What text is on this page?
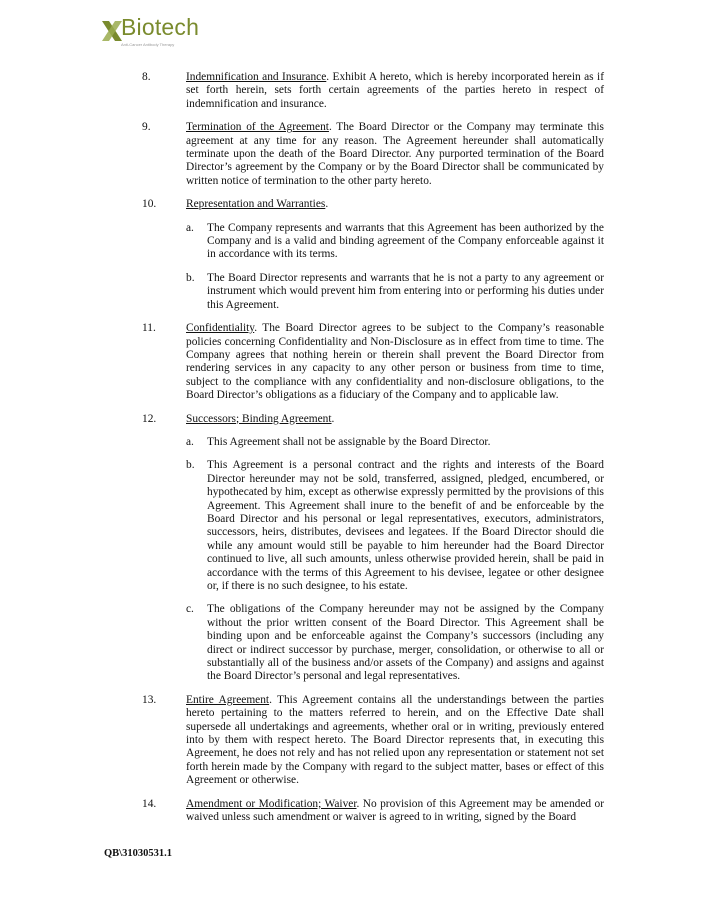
Biotech
Anti-Cancer Antibody Therapy
8.	Indemnification and Insurance. Exhibit A hereto, which is hereby incorporated herein as if set forth herein, sets forth certain agreements of the parties hereto in respect of indemnification and insurance.

9.	Termination of the Agreement. The Board Director or the Company may terminate this agreement at any time for any reason. The Agreement hereunder shall automatically terminate upon the death of the Board Director. Any purported termination of the Board Director’s agreement by the Company or by the Board Director shall be communicated by written notice of termination to the other party hereto.

10.	Representation and Warranties.

a. The Company represents and warrants that this Agreement has been authorized by the Company and is a valid and binding agreement of the Company enforceable against it in accordance with its terms.

b. The Board Director represents and warrants that he is not a party to any agreement or instrument which would prevent him from entering into or performing his duties under this Agreement.

11.	Confidentiality. The Board Director agrees to be subject to the Company’s reasonable policies concerning Confidentiality and Non-Disclosure as in effect from time to time. The Company agrees that nothing herein or therein shall prevent the Board Director from rendering services in any capacity to any other person or business from time to time, subject to the compliance with any confidentiality and non-disclosure obligations, to the Board Director’s obligations as a fiduciary of the Company and to applicable law.

12.	Successors; Binding Agreement.

a. This Agreement shall not be assignable by the Board Director.

b. This Agreement is a personal contract and the rights and interests of the Board Director hereunder may not be sold, transferred, assigned, pledged, encumbered, or hypothecated by him, except as otherwise expressly permitted by the provisions of this Agreement. This Agreement shall inure to the benefit of and be enforceable by the Board Director and his personal or legal representatives, executors, administrators, successors, heirs, distributes, devisees and legatees. If the Board Director should die while any amount would still be payable to him hereunder had the Board Director continued to live, all such amounts, unless otherwise provided herein, shall be paid in accordance with the terms of this Agreement to his devisee, legatee or other designee or, if there is no such designee, to his estate.

c. The obligations of the Company hereunder may not be assigned by the Company without the prior written consent of the Board Director. This Agreement shall be binding upon and be enforceable against the Company’s successors (including any direct or indirect successor by purchase, merger, consolidation, or otherwise to all or substantially all of the business and/or assets of the Company) and assigns and against the Board Director’s personal and legal representatives.

13.	Entire Agreement. This Agreement contains all the understandings between the parties hereto pertaining to the matters referred to herein, and on the Effective Date shall supersede all undertakings and agreements, whether oral or in writing, previously entered into by them with respect hereto. The Board Director represents that, in executing this Agreement, he does not rely and has not relied upon any representation or statement not set forth herein made by the Company with regard to the subject matter, bases or effect of this Agreement or otherwise.

14.	Amendment or Modification; Waiver. No provision of this Agreement may be amended or waived unless such amendment or waiver is agreed to in writing, signed by the Board

QB\31030531.1
